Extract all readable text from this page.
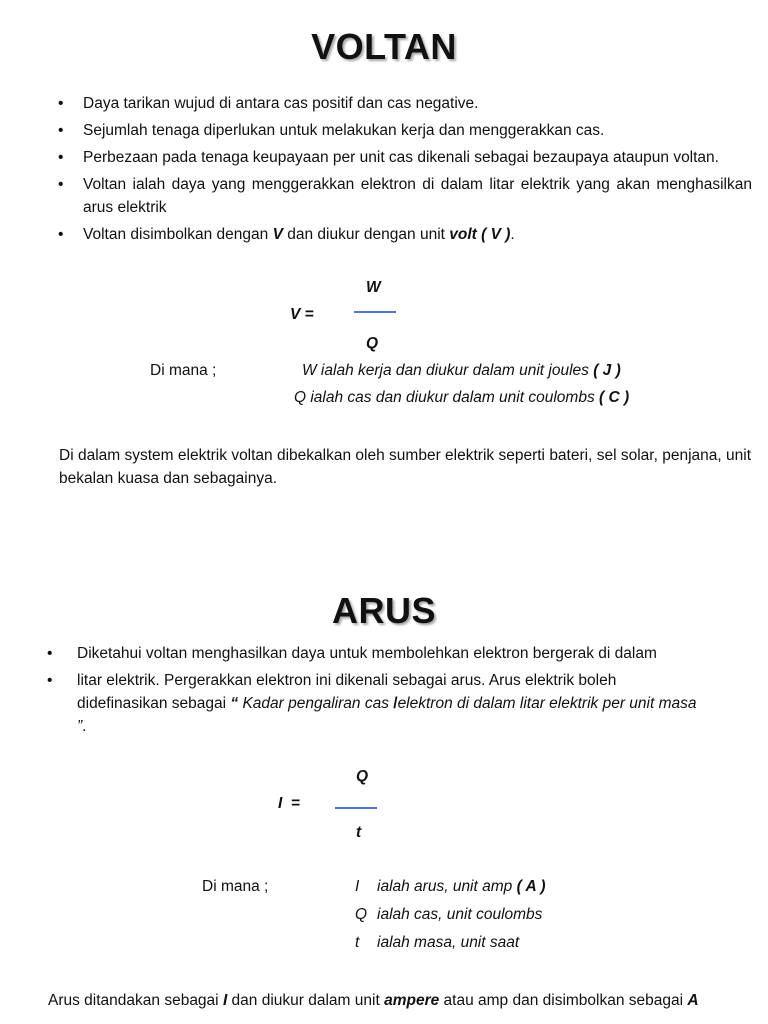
VOLTAN
• Daya tarikan wujud di antara cas positif dan cas negative.
• Sejumlah tenaga diperlukan untuk melakukan kerja dan menggerakkan cas.
• Perbezaan pada tenaga keupayaan per unit cas dikenali sebagai bezaupaya ataupun voltan.
• Voltan ialah daya yang menggerakkan elektron di dalam litar elektrik yang akan menghasilkan arus elektrik
• Voltan disimbolkan dengan V dan diukur dengan unit volt ( V ).
W
V =
Q
Di mana ;	W ialah kerja dan diukur dalam unit joules ( J )
Q ialah cas dan diukur dalam unit coulombs ( C )
Di dalam system elektrik voltan dibekalkan oleh sumber elektrik seperti bateri, sel solar, penjana, unit bekalan kuasa dan sebagainya.
ARUS
• Diketahui voltan menghasilkan daya untuk membolehkan elektron bergerak di dalam
• litar elektrik. Pergerakkan elektron ini dikenali sebagai arus. Arus elektrik boleh didefinasikan sebagai “ Kadar pengaliran cas /elektron di dalam litar elektrik per unit masa ”.
Q
I  =
t
Di mana ;	I ialah arus, unit amp ( A )
Q ialah cas, unit coulombs
t ialah masa, unit saat
Arus ditandakan sebagai I dan diukur dalam unit ampere atau amp dan disimbolkan sebagai A
